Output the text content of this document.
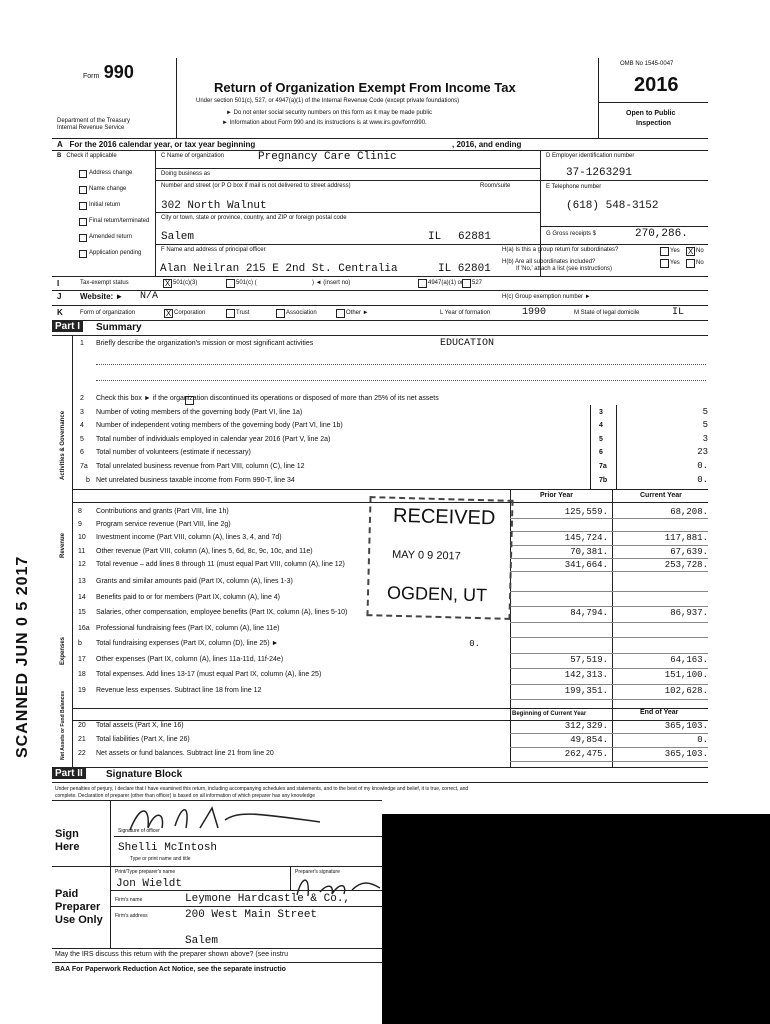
Form 990
Return of Organization Exempt From Income Tax
Under section 501(c), 527, or 4947(a)(1) of the Internal Revenue Code (except private foundations)
► Do not enter social security numbers on this form as it may be made public
► Information about Form 990 and its instructions is at www.irs.gov/form990.
Department of the Treasury
Internal Revenue Service
OMB No 1545-0047
2016
Open to Public
Inspection
A For the 2016 calendar year, or tax year beginning	, 2016, and ending
B Check if applicable
Address change
Name change
Initial return
Final return/terminated
Amended return
Application pending
C Name of organization	Pregnancy Care Clinic
Doing business as
Number and street (or P O box if mail is not delivered to street address)	Room/suite
302 North Walnut
City or town, state or province, country, and ZIP or foreign postal code
Salem	IL 62881
F Name and address of principal officer
Alan Neilran 215 E 2nd St. Centralia	IL 62801
D Employer identification number
37-1263291
E Telephone number
(618) 548-3152
G Gross receipts $	270,286.
H(a) Is this a group return for subordinates?	Yes X No
H(b) Are all subordinates included?
If 'No,' attach a list (see instructions)
Yes	No
I	Tax-exempt status	X 501(c)(3)	501(c) (	) ◄ (insert no)	4947(a)(1) or 527
J Website: ► N/A	H(c) Group exemption number ►
K	Form of organization	X Corporation	Trust	Association	Other ►	L Year of formation	1990	M State of legal domicile	IL
Part I	Summary
Activities & Governance
Revenue
Expenses
Net Assets or Fund Balances
1 Briefly describe the organization's mission or most significant activities	EDUCATION
2 Check this box ► if the organization discontinued its operations or disposed of more than 25% of its net assets
3 Number of voting members of the governing body (Part VI, line 1a)	3	5
4 Number of independent voting members of the governing body (Part VI, line 1b)	4	5
5 Total number of individuals employed in calendar year 2016 (Part V, line 2a)	5	3
6 Total number of volunteers (estimate if necessary)	6	23
7a Total unrelated business revenue from Part VIII, column (C), line 12	7a	0.
b Net unrelated business taxable income from Form 990-T, line 34	7b	0.
Prior Year	Current Year
8 Contributions and grants (Part VIII, line 1h)	125,559.	68,208.
9 Program service revenue (Part VIII, line 2g)
10 Investment income (Part VIII, column (A), lines 3, 4, and 7d)	145,724.	117,881.
11 Other revenue (Part VIII, column (A), lines 5, 6d, 8c, 9c, 10c, and 11e)	70,381.	67,639.
12 Total revenue – add lines 8 through 11 (must equal Part VIII, column (A), line 12)	341,664.	253,728.
13 Grants and similar amounts paid (Part IX, column (A), lines 1-3)
14 Benefits paid to or for members (Part IX, column (A), line 4)
15 Salaries, other compensation, employee benefits (Part IX, column (A), lines 5-10)	84,794.	86,937.
16a Professional fundraising fees (Part IX, column (A), line 11e)
b Total fundraising expenses (Part IX, column (D), line 25) ►	0.
17 Other expenses (Part IX, column (A), lines 11a-11d, 11f-24e)	57,519.	64,163.
18 Total expenses. Add lines 13-17 (must equal Part IX, column (A), line 25)	142,313.	151,100.
19 Revenue less expenses. Subtract line 18 from line 12	199,351.	102,628.
Beginning of Current Year	End of Year
20 Total assets (Part X, line 16)	312,329.	365,103.
21 Total liabilities (Part X, line 26)	49,854.	0.
22 Net assets or fund balances. Subtract line 21 from line 20	262,475.	365,103.
Part II	Signature Block
Under penalties of perjury, I declare that I have examined this return, including accompanying schedules and statements, and to the best of my knowledge and belief, it is true, correct, and
complete. Declaration of preparer (other than officer) is based on all information of which preparer has any knowledge
Sign
Here
Signature of officer
Shelli McIntosh
Type or print name and title
Paid
Preparer
Use Only
Print/Type preparer's name	Preparer's signature
Jon Wieldt
Firm's name	Leymone Hardcastle & Co.,
Firm's address	200 West Main Street
Salem
May the IRS discuss this return with the preparer shown above? (see instru
BAA For Paperwork Reduction Act Notice, see the separate instructio
RECEIVED
MAY 0 9 2017
OGDEN, UT
SCANNED JUN 0 5 2017
